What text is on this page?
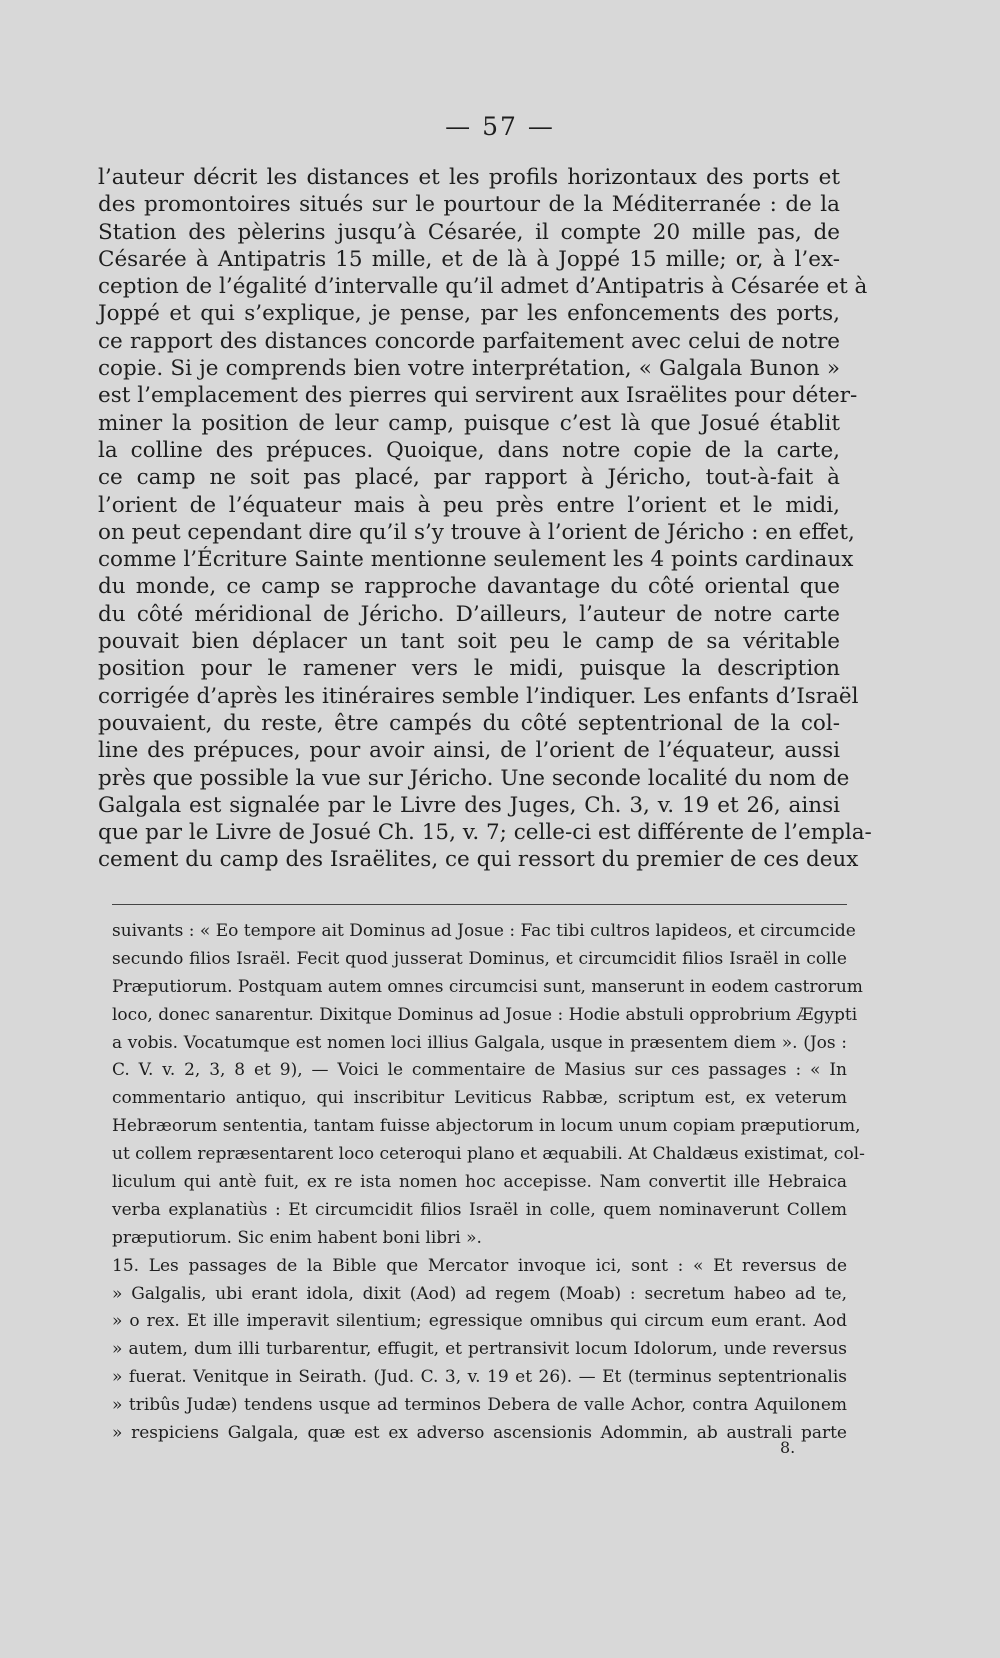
— 57 —
l’auteur décrit les distances et les profils horizontaux des ports et
des promontoires situés sur le pourtour de la Méditerranée : de la
Station des pèlerins jusqu’à Césarée, il compte 20 mille pas, de
Césarée à Antipatris 15 mille, et de là à Joppé 15 mille; or, à l’ex-
ception de l’égalité d’intervalle qu’il admet d’Antipatris à Césarée et à
Joppé et qui s’explique, je pense, par les enfoncements des ports,
ce rapport des distances concorde parfaitement avec celui de notre
copie. Si je comprends bien votre interprétation, « Galgala Bunon »
est l’emplacement des pierres qui servirent aux Israëlites pour déter-
miner la position de leur camp, puisque c’est là que Josué établit
la colline des prépuces. Quoique, dans notre copie de la carte,
ce camp ne soit pas placé, par rapport à Jéricho, tout-à-fait à
l’orient de l’équateur mais à peu près entre l’orient et le midi,
on peut cependant dire qu’il s’y trouve à l’orient de Jéricho : en effet,
comme l’Écriture Sainte mentionne seulement les 4 points cardinaux
du monde, ce camp se rapproche davantage du côté oriental que
du côté méridional de Jéricho. D’ailleurs, l’auteur de notre carte
pouvait bien déplacer un tant soit peu le camp de sa véritable
position pour le ramener vers le midi, puisque la description
corrigée d’après les itinéraires semble l’indiquer. Les enfants d’Israël
pouvaient, du reste, être campés du côté septentrional de la col-
line des prépuces, pour avoir ainsi, de l’orient de l’équateur, aussi
près que possible la vue sur Jéricho. Une seconde localité du nom de
Galgala est signalée par le Livre des Juges, Ch. 3, v. 19 et 26, ainsi
que par le Livre de Josué Ch. 15, v. 7; celle-ci est différente de l’empla-
cement du camp des Israëlites, ce qui ressort du premier de ces deux
suivants : « Eo tempore ait Dominus ad Josue : Fac tibi cultros lapideos, et circumcide
secundo filios Israël. Fecit quod jusserat Dominus, et circumcidit filios Israël in colle
Præputiorum. Postquam autem omnes circumcisi sunt, manserunt in eodem castrorum
loco, donec sanarentur. Dixitque Dominus ad Josue : Hodie abstuli opprobrium Ægypti
a vobis. Vocatumque est nomen loci illius Galgala, usque in præsentem diem ». (Jos :
C. V. v. 2, 3, 8 et 9), — Voici le commentaire de Masius sur ces passages : « In
commentario antiquo, qui inscribitur Leviticus Rabbæ, scriptum est, ex veterum
Hebræorum sententia, tantam fuisse abjectorum in locum unum copiam præputiorum,
ut collem repræsentarent loco ceteroqui plano et æquabili. At Chaldæus existimat, col-
liculum qui antè fuit, ex re ista nomen hoc accepisse. Nam convertit ille Hebraica
verba explanatiùs : Et circumcidit filios Israël in colle, quem nominaverunt Collem
præputiorum. Sic enim habent boni libri ».
15. Les passages de la Bible que Mercator invoque ici, sont : « Et reversus de
» Galgalis, ubi erant idola, dixit (Aod) ad regem (Moab) : secretum habeo ad te,
» o rex. Et ille imperavit silentium; egressique omnibus qui circum eum erant. Aod
» autem, dum illi turbarentur, effugit, et pertransivit locum Idolorum, unde reversus
» fuerat. Venitque in Seirath. (Jud. C. 3, v. 19 et 26). — Et (terminus septentrionalis
» tribûs Judæ) tendens usque ad terminos Debera de valle Achor, contra Aquilonem
» respiciens Galgala, quæ est ex adverso ascensionis Adommin, ab australi parte
8.
